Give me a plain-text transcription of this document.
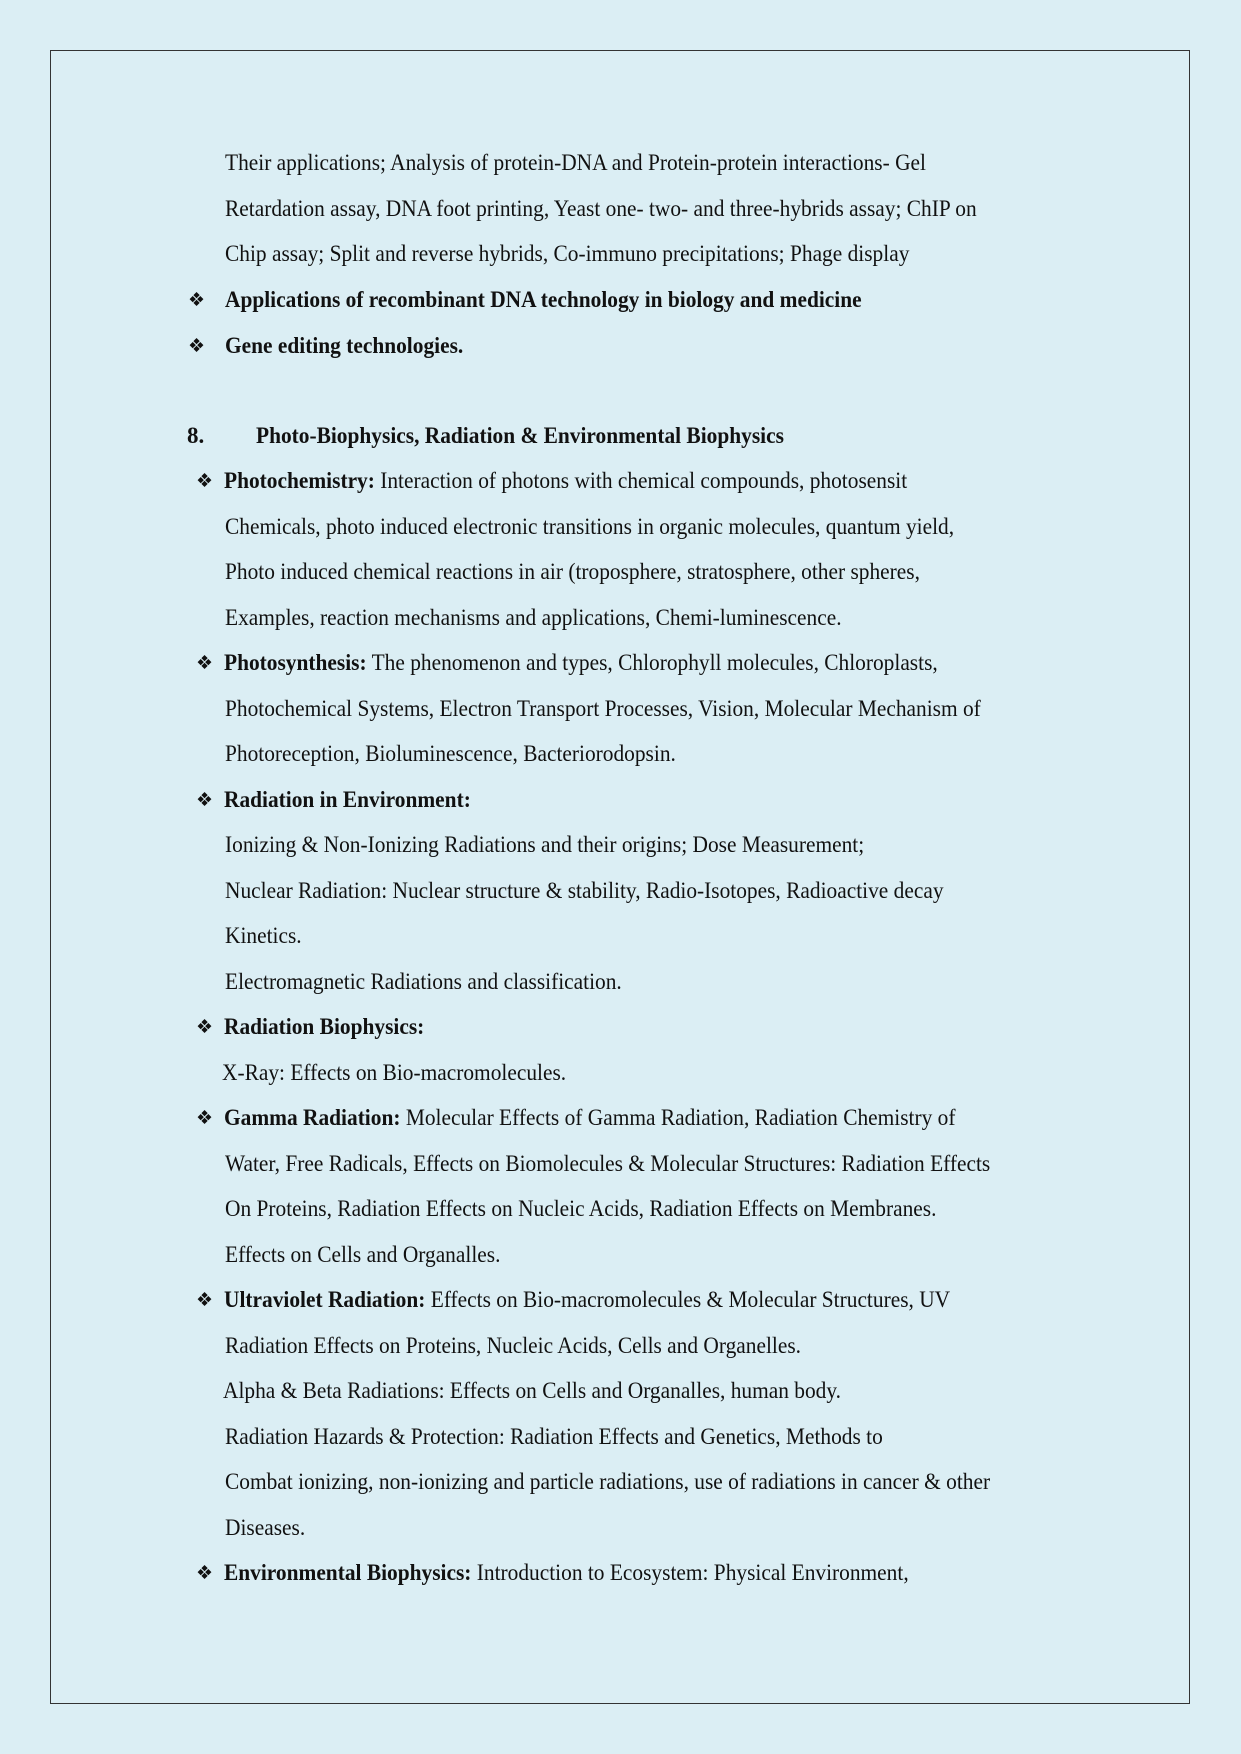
Their applications; Analysis of protein-DNA and Protein-protein interactions- Gel
Retardation assay, DNA foot printing, Yeast one- two- and three-hybrids assay; ChIP on
Chip assay; Split and reverse hybrids, Co-immuno precipitations; Phage display
❖ Applications of recombinant DNA technology in biology and medicine
❖ Gene editing technologies.
8. Photo-Biophysics, Radiation & Environmental Biophysics
❖ Photochemistry: Interaction of photons with chemical compounds, photosensit
Chemicals, photo induced electronic transitions in organic molecules, quantum yield,
Photo induced chemical reactions in air (troposphere, stratosphere, other spheres,
Examples, reaction mechanisms and applications, Chemi-luminescence.
❖ Photosynthesis: The phenomenon and types, Chlorophyll molecules, Chloroplasts,
Photochemical Systems, Electron Transport Processes, Vision, Molecular Mechanism of
Photoreception, Bioluminescence, Bacteriorodopsin.
❖ Radiation in Environment:
Ionizing & Non-Ionizing Radiations and their origins; Dose Measurement;
Nuclear Radiation: Nuclear structure & stability, Radio-Isotopes, Radioactive decay
Kinetics.
Electromagnetic Radiations and classification.
❖ Radiation Biophysics:
X-Ray: Effects on Bio-macromolecules.
❖ Gamma Radiation: Molecular Effects of Gamma Radiation, Radiation Chemistry of
Water, Free Radicals, Effects on Biomolecules & Molecular Structures: Radiation Effects
On Proteins, Radiation Effects on Nucleic Acids, Radiation Effects on Membranes.
Effects on Cells and Organalles.
❖ Ultraviolet Radiation: Effects on Bio-macromolecules & Molecular Structures, UV
Radiation Effects on Proteins, Nucleic Acids, Cells and Organelles.
Alpha & Beta Radiations: Effects on Cells and Organalles, human body.
Radiation Hazards & Protection: Radiation Effects and Genetics, Methods to
Combat ionizing, non-ionizing and particle radiations, use of radiations in cancer & other
Diseases.
❖ Environmental Biophysics: Introduction to Ecosystem: Physical Environment,
